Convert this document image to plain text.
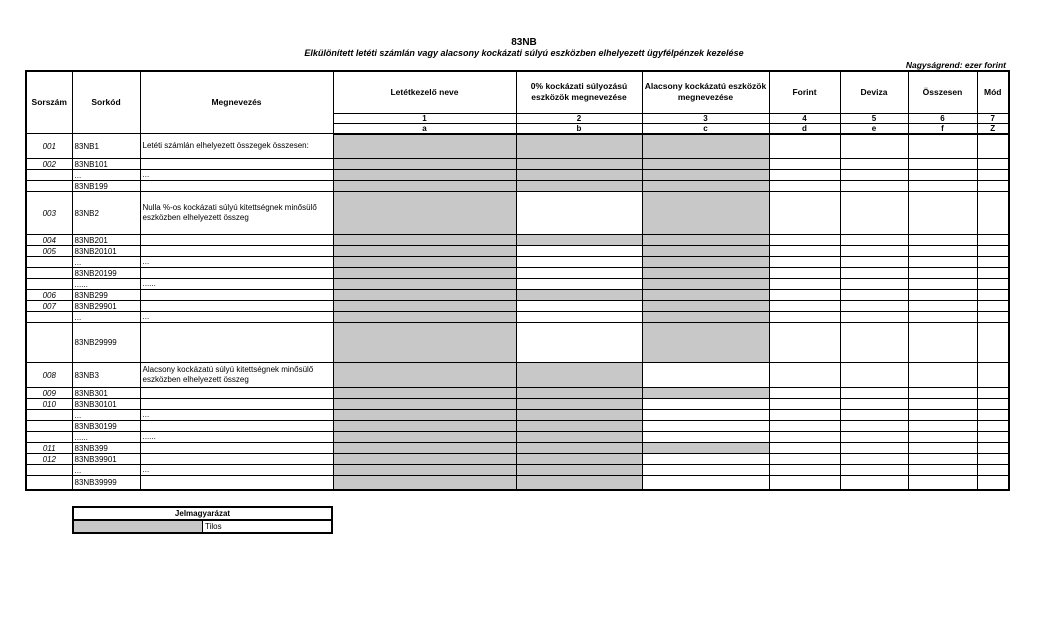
83NB
Elkülönített letéti számlán vagy alacsony kockázati súlyú eszközben elhelyezett ügyfélpénzek kezelése
Nagyságrend: ezer forint
Sorszám	Sorkód	Megnevezés	Letétkezelő neve	0% kockázati súlyozású eszközök megnevezése	Alacsony kockázatú eszközök megnevezése	Forint	Deviza	Összesen	Mód
			1	2	3	4	5	6	7
			a	b	c	d	e	f	Z
001	83NB1	Letéti számlán elhelyezett összegek összesen:							
002	83NB101								
	...	...							
	83NB199								
003	83NB2	Nulla %-os kockázati súlyú kitettségnek minősülő eszközben elhelyezett összeg							
004	83NB201								
005	83NB20101								
	...	...							
	83NB20199								
	......	......							
006	83NB299								
007	83NB29901								
	...	...							
	83NB29999								
008	83NB3	Alacsony kockázatú súlyú kitettségnek minősülő eszközben elhelyezett összeg							
009	83NB301								
010	83NB30101								
	...	...							
	83NB30199								
	......	......							
011	83NB399								
012	83NB39901								
	...	...							
	83NB39999								
Jelmagyarázat
	Tilos
